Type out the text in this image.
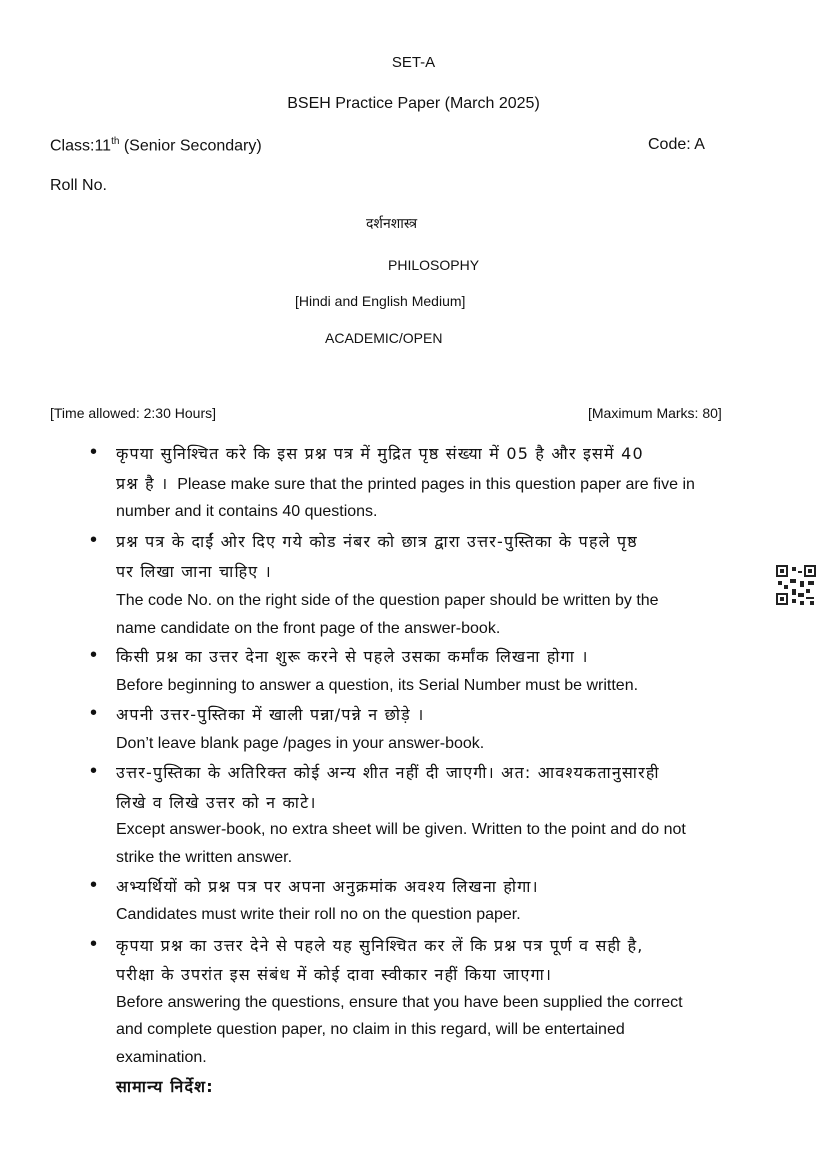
SET-A
BSEH Practice Paper (March 2025)
Class:11th (Senior Secondary)	Code: A
Roll No.
दर्शनशास्त्र
PHILOSOPHY
[Hindi and English Medium]
ACADEMIC/OPEN
[Time allowed: 2:30 Hours]	[Maximum Marks: 80]
• कृपया सुनिश्चित करे कि इस प्रश्न पत्र में मुद्रित पृष्ठ संख्या में 05 है और इसमें 40
प्रश्न है । Please make sure that the printed pages in this question paper are five in
number and it contains 40 questions.
• प्रश्न पत्र के दाईं ओर दिए गये कोड नंबर को छात्र द्वारा उत्तर-पुस्तिका के पहले पृष्ठ
पर लिखा जाना चाहिए ।
The code No. on the right side of the question paper should be written by the
name candidate on the front page of the answer-book.
• किसी प्रश्न का उत्तर देना शुरू करने से पहले उसका कर्मांक लिखना होगा ।
Before beginning to answer a question, its Serial Number must be written.
• अपनी उत्तर-पुस्तिका में खाली पन्ना/पन्ने न छोड़े ।
Don’t leave blank page /pages in your answer-book.
• उत्तर-पुस्तिका के अतिरिक्त कोई अन्य शीत नहीं दी जाएगी। अत: आवश्यकतानुसारही
लिखे व लिखे उत्तर को न काटे।
Except answer-book, no extra sheet will be given. Written to the point and do not
strike the written answer.
• अभ्यर्थियों को प्रश्न पत्र पर अपना अनुक्रमांक अवश्य लिखना होगा।
Candidates must write their roll no on the question paper.
• कृपया प्रश्न का उत्तर देने से पहले यह सुनिश्चित कर लें कि प्रश्न पत्र पूर्ण व सही है,
परीक्षा के उपरांत इस संबंध में कोई दावा स्वीकार नहीं किया जाएगा।
Before answering the questions, ensure that you have been supplied the correct
and complete question paper, no claim in this regard, will be entertained
examination.
सामान्य निर्देश:
